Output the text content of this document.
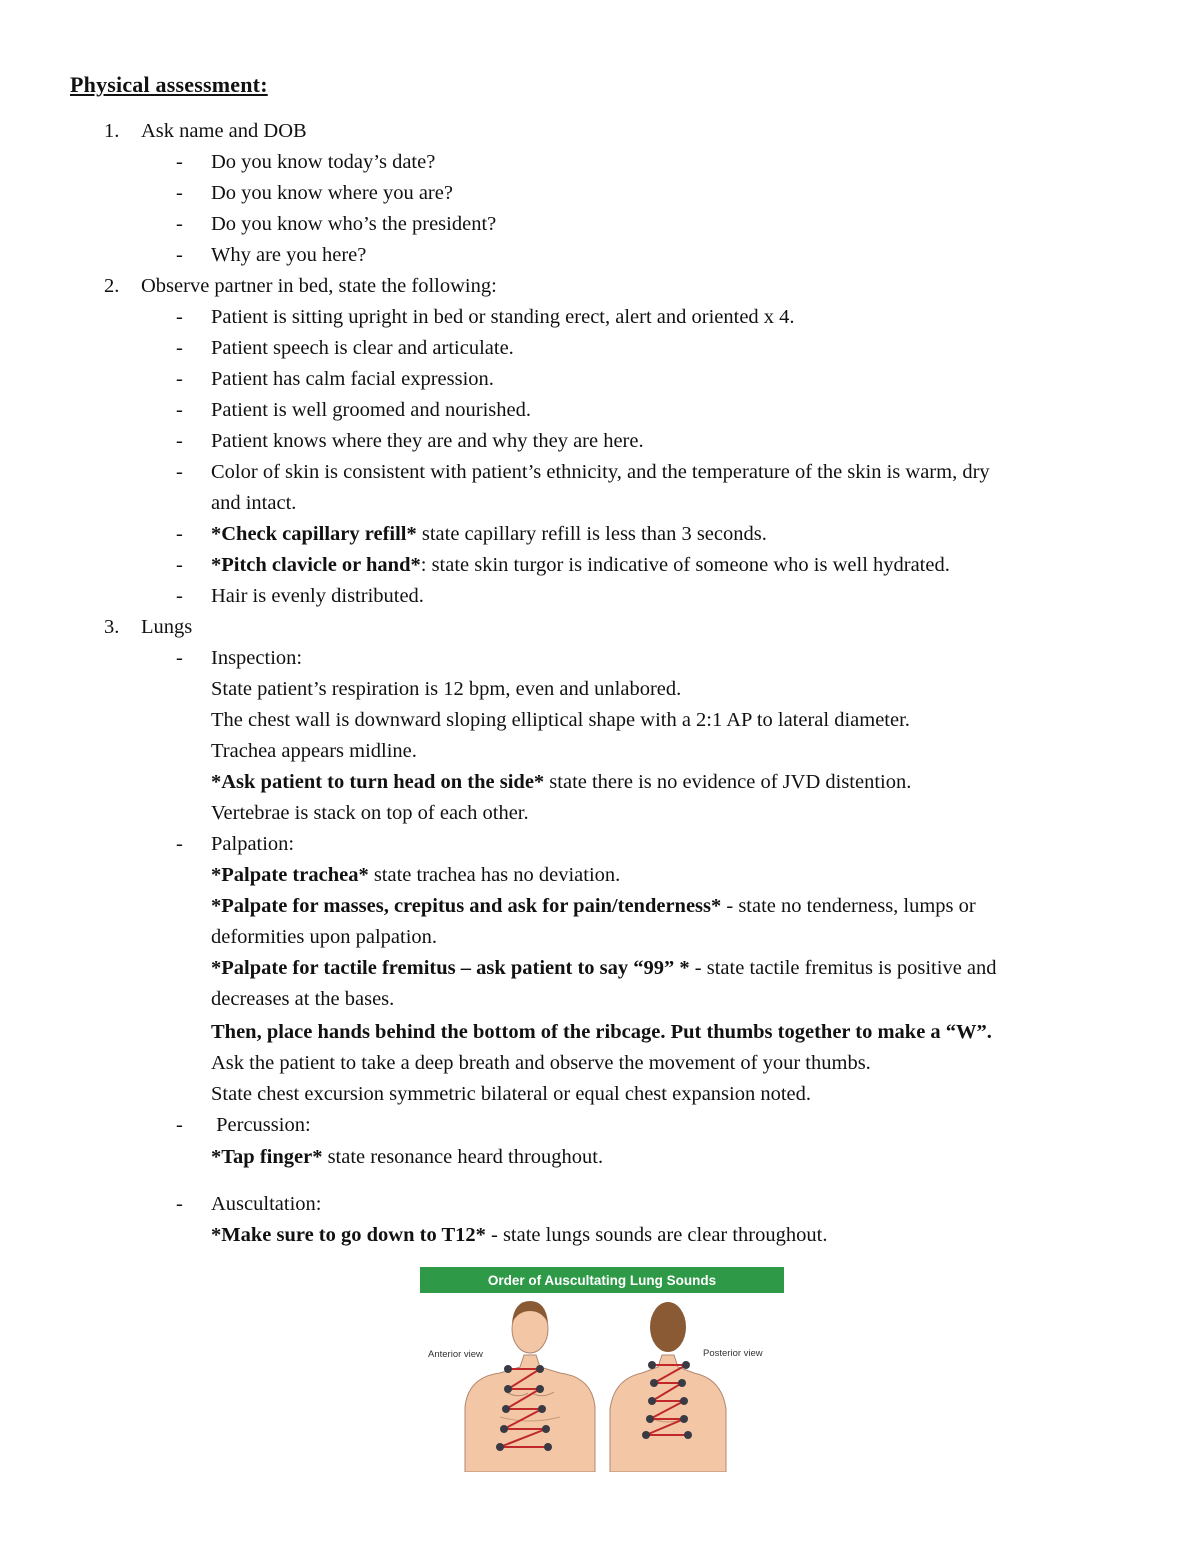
Physical assessment:
1.	Ask name and DOB
- Do you know today’s date?
- Do you know where you are?
- Do you know who’s the president?
- Why are you here?
2.	Observe partner in bed, state the following:
- Patient is sitting upright in bed or standing erect, alert and oriented x 4.
- Patient speech is clear and articulate.
- Patient has calm facial expression.
- Patient is well groomed and nourished.
- Patient knows where they are and why they are here.
- Color of skin is consistent with patient’s ethnicity, and the temperature of the skin is warm, dry
and intact.
- *Check capillary refill* state capillary refill is less than 3 seconds.
- *Pitch clavicle or hand*: state skin turgor is indicative of someone who is well hydrated.
- Hair is evenly distributed.
3.	Lungs
- Inspection:
State patient’s respiration is 12 bpm, even and unlabored.
The chest wall is downward sloping elliptical shape with a 2:1 AP to lateral diameter.
Trachea appears midline.
*Ask patient to turn head on the side* state there is no evidence of JVD distention.
Vertebrae is stack on top of each other.
- Palpation:
*Palpate trachea* state trachea has no deviation.
*Palpate for masses, crepitus and ask for pain/tenderness* - state no tenderness, lumps or
deformities upon palpation.
*Palpate for tactile fremitus – ask patient to say “99” * - state tactile fremitus is positive and
decreases at the bases.
Then, place hands behind the bottom of the ribcage. Put thumbs together to make a “W”.
Ask the patient to take a deep breath and observe the movement of your thumbs.
State chest excursion symmetric bilateral or equal chest expansion noted.
- Percussion:
*Tap finger* state resonance heard throughout.
- Auscultation:
*Make sure to go down to T12* - state lungs sounds are clear throughout.
Order of Auscultating Lung Sounds
Anterior view	Posterior view
